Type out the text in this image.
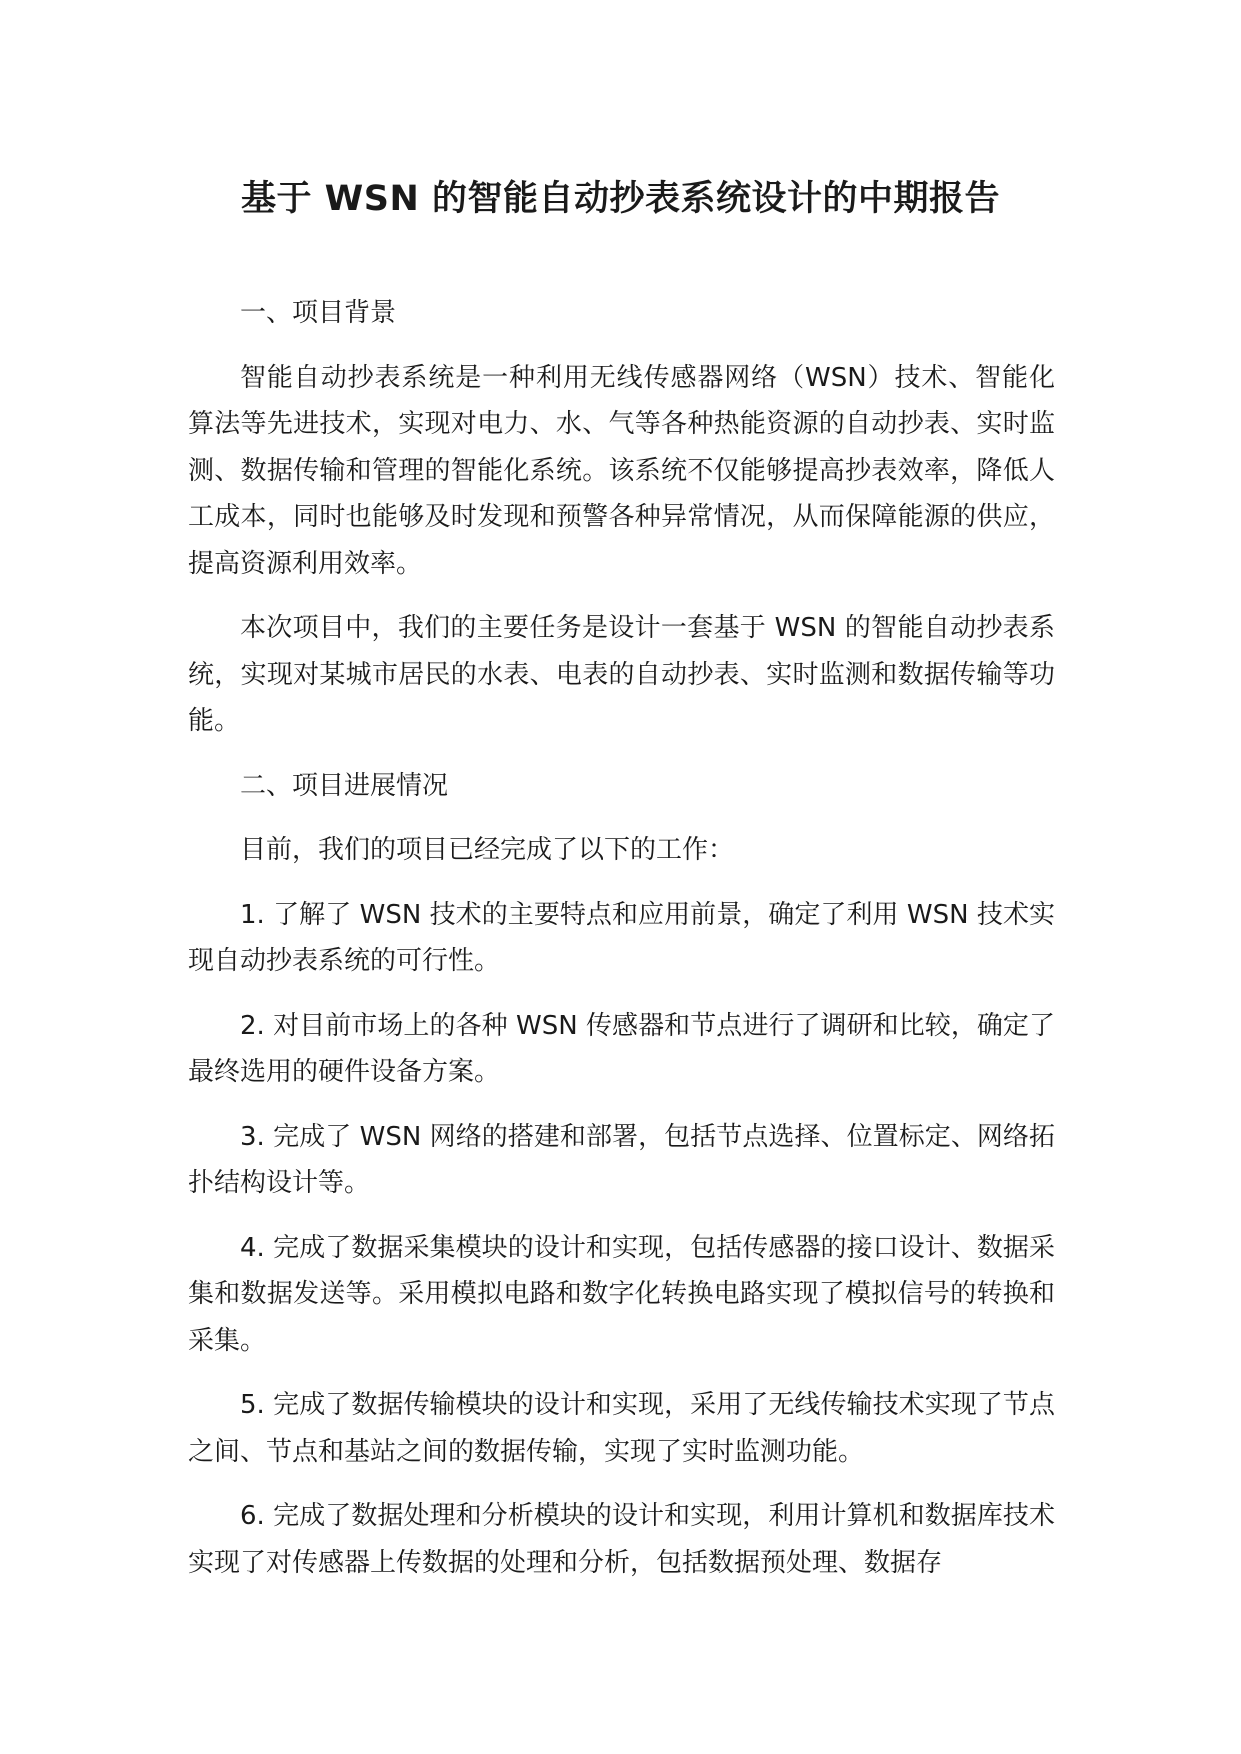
基于 WSN 的智能自动抄表系统设计的中期报告

一、项目背景

智能自动抄表系统是一种利用无线传感器网络（WSN）技术、智能化算法等先进技术，实现对电力、水、气等各种热能资源的自动抄表、实时监测、数据传输和管理的智能化系统。该系统不仅能够提高抄表效率，降低人工成本，同时也能够及时发现和预警各种异常情况，从而保障能源的供应，提高资源利用效率。

本次项目中，我们的主要任务是设计一套基于 WSN 的智能自动抄表系统，实现对某城市居民的水表、电表的自动抄表、实时监测和数据传输等功能。

二、项目进展情况

目前，我们的项目已经完成了以下的工作：

1. 了解了 WSN 技术的主要特点和应用前景，确定了利用 WSN 技术实现自动抄表系统的可行性。

2. 对目前市场上的各种 WSN 传感器和节点进行了调研和比较，确定了最终选用的硬件设备方案。

3. 完成了 WSN 网络的搭建和部署，包括节点选择、位置标定、网络拓扑结构设计等。

4. 完成了数据采集模块的设计和实现，包括传感器的接口设计、数据采集和数据发送等。采用模拟电路和数字化转换电路实现了模拟信号的转换和采集。

5. 完成了数据传输模块的设计和实现，采用了无线传输技术实现了节点之间、节点和基站之间的数据传输，实现了实时监测功能。

6. 完成了数据处理和分析模块的设计和实现，利用计算机和数据库技术实现了对传感器上传数据的处理和分析，包括数据预处理、数据存
